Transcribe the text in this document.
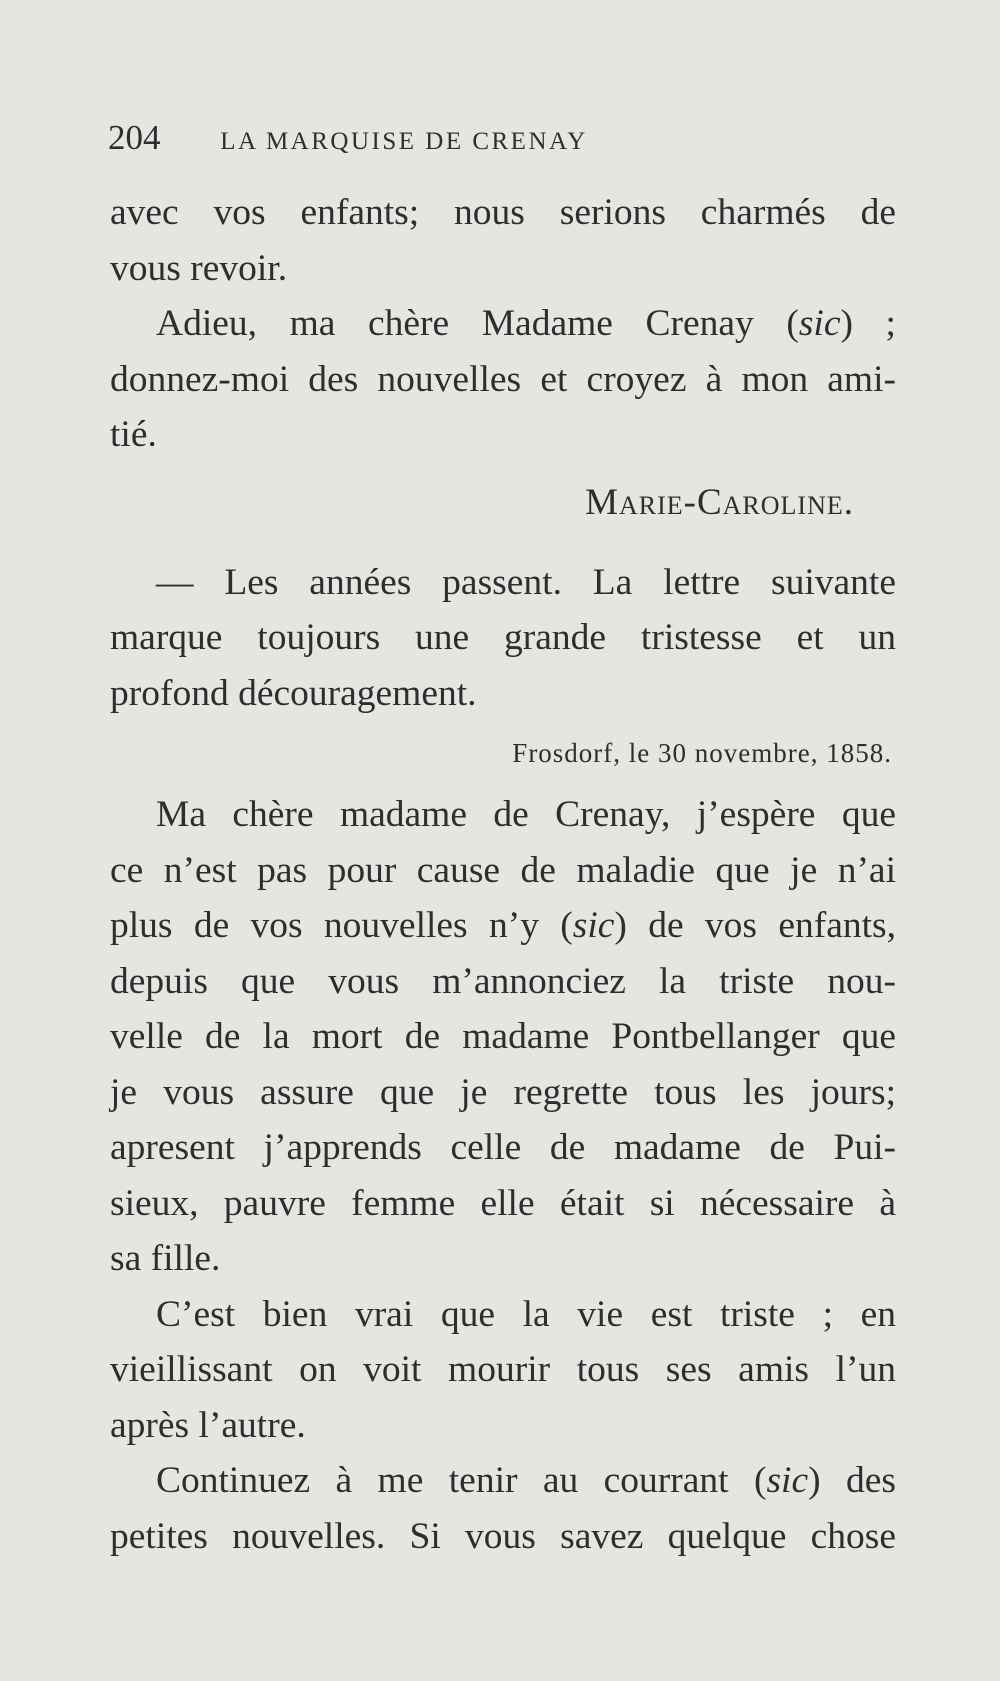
204 LA MARQUISE DE CRENAY
avec vos enfants; nous serions charmés de
vous revoir.
Adieu, ma chère Madame Crenay (sic) ;
donnez-moi des nouvelles et croyez à mon ami-
tié.
Marie-Caroline.
— Les années passent. La lettre suivante
marque toujours une grande tristesse et un
profond découragement.
Frosdorf, le 30 novembre, 1858.
Ma chère madame de Crenay, j’espère que
ce n’est pas pour cause de maladie que je n’ai
plus de vos nouvelles n’y (sic) de vos enfants,
depuis que vous m’annonciez la triste nou-
velle de la mort de madame Pontbellanger que
je vous assure que je regrette tous les jours;
apresent j’apprends celle de madame de Pui-
sieux, pauvre femme elle était si nécessaire à
sa fille.
C’est bien vrai que la vie est triste ; en
vieillissant on voit mourir tous ses amis l’un
après l’autre.
Continuez à me tenir au courrant (sic) des
petites nouvelles. Si vous savez quelque chose
